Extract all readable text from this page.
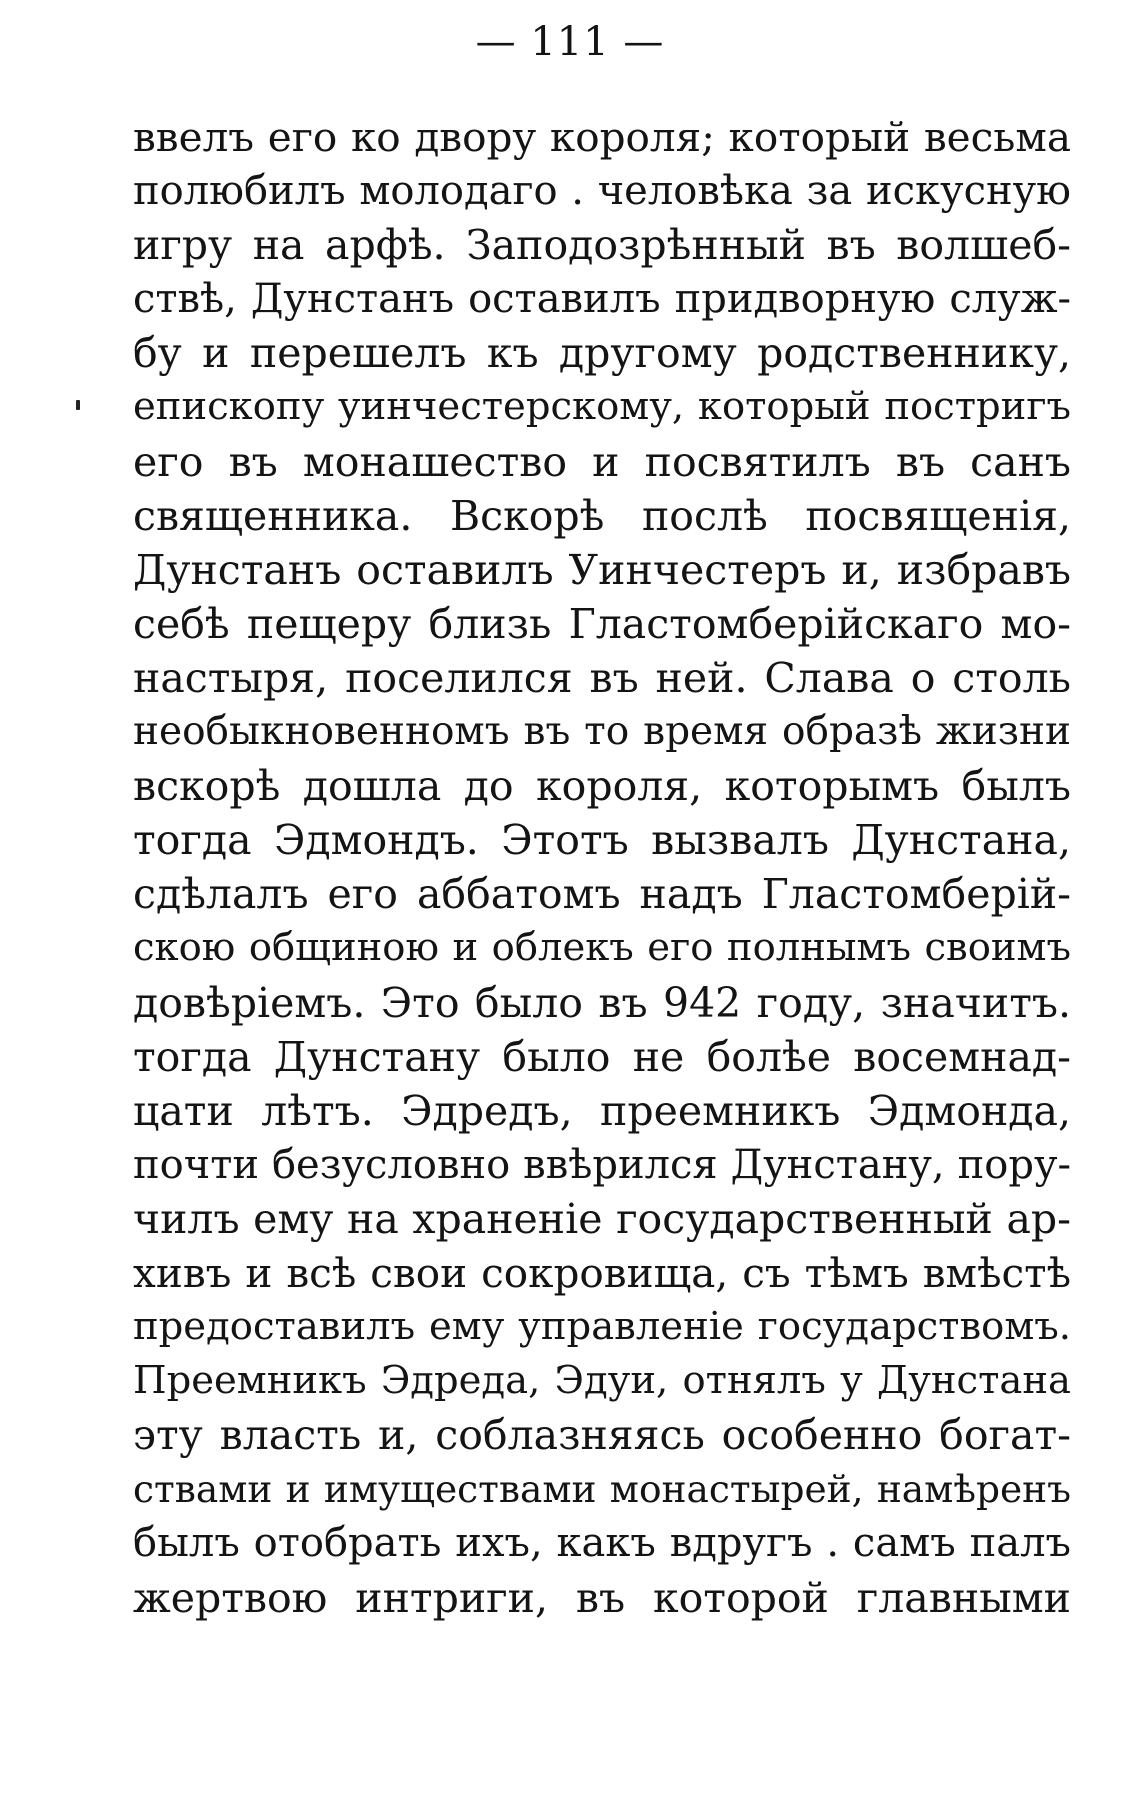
— 111 —
ввелъ его ко двору короля; который весьма
полюбилъ молодаго . человѣка за искусную
игру на арфѣ. Заподозрѣнный въ волшеб-
ствѣ, Дунстанъ оставилъ придворную служ-
бу и перешелъ къ другому родственнику,
епископу уинчестерскому, который постригъ
его въ монашество и посвятилъ въ санъ
священника. Вскорѣ послѣ посвященія,
Дунстанъ оставилъ Уинчестеръ и, избравъ
себѣ пещеру близь Гластомберійскаго мо-
настыря, поселился въ ней. Слава о столь
необыкновенномъ въ то время образѣ жизни
вскорѣ дошла до короля, которымъ былъ
тогда Эдмондъ. Этотъ вызвалъ Дунстана,
сдѣлалъ его аббатомъ надъ Гластомберій-
скою общиною и облекъ его полнымъ своимъ
довѣріемъ. Это было въ 942 году, значитъ.
тогда Дунстану было не болѣе восемнад-
цати лѣтъ. Эдредъ, преемникъ Эдмонда,
почти безусловно ввѣрился Дунстану, пору-
чилъ ему на храненіе государственный ар-
хивъ и всѣ свои сокровища, съ тѣмъ вмѣстѣ
предоставилъ ему управленіе государствомъ.
Преемникъ Эдреда, Эдуи, отнялъ у Дунстана
эту власть и, соблазняясь особенно богат-
ствами и имуществами монастырей, намѣренъ
былъ отобрать ихъ, какъ вдругъ . самъ палъ
жертвою интриги, въ которой главными
